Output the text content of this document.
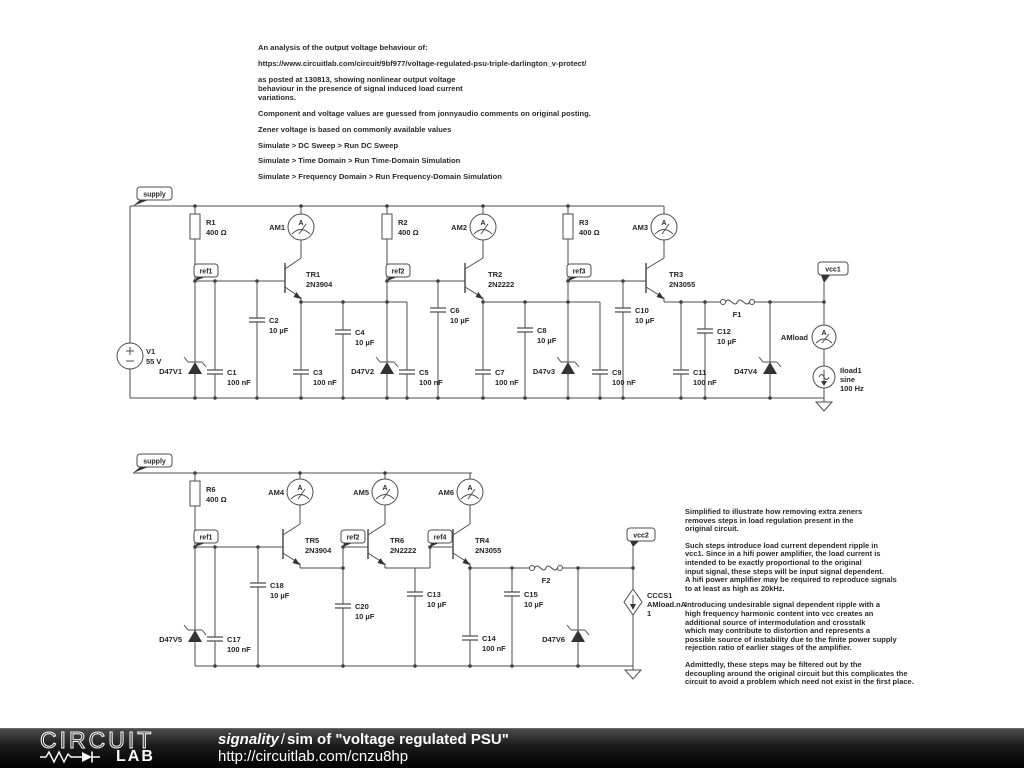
An analysis of the output voltage behaviour of:

https://www.circuitlab.com/circuit/9bf977/voltage-regulated-psu-triple-darlington_v-protect/

as posted at 130813, showing nonlinear output voltage
behaviour in the presence of signal induced load current
variations.

Component and voltage values are guessed from jonnyaudio comments on original posting.

Zener voltage is based on commonly available values

Simulate > DC Sweep > Run DC Sweep

Simulate > Time Domain > Run Time-Domain Simulation

Simulate > Frequency Domain > Run Frequency-Domain Simulation

Simplified to illustrate how removing extra zeners
removes steps in load regulation present in the
original circuit.

Such steps introduce load current dependent ripple in
vcc1. Since in a hifi power amplifier, the load current is
intended to be exactly proportional to the original
input signal, these steps will be input signal dependent.
A hifi power amplifier may be required to reproduce signals
to at least as high as 20kHz.

Introducing undesirable signal dependent ripple with a
high frequency harmonic content into vcc creates an
additional source of intermodulation and crosstalk
which may contribute to distortion and represents a
possible source of instability due to the finite power supply
rejection ratio of earlier stages of the amplifier.

Admittedly, these steps may be filtered out by the
decoupling around the original circuit but this complicates the
circuit to avoid a problem which need not exist in the first place.

supply
ref1	ref2	ref3	vcc1
V1
55 V
R1
400 Ω
R2
400 Ω
R3
400 Ω
A
AM1	A
AM2	A
AM3
TR1
2N3904
TR2
2N2222
TR3
2N3055
D47V1	D47V2	D47v3	D47V4
C1
100 nF
C2
10 µF
C3
100 nF
C4
10 µF
C5
100 nF
C6
10 µF
C7
100 nF
C8
10 µF
C9
100 nF
C10
10 µF
C11
100 nF
C12
10 µF
F1
A
AMload
Iload1
sine
100 Hz
supply
ref1	ref2	ref4	vcc2
R6
400 Ω
A
AM4	A
AM5	A
AM6
TR5
2N3904
TR6
2N2222
TR4
2N3055
D47V5	D47V6
C17
100 nF
C18
10 µF
C20
10 µF
C13
10 µF
C14
100 nF
C15
10 µF
F2
CCCS1
AMload.nA
1
CIRCUIT
LAB
signality / sim of "voltage regulated PSU"
http://circuitlab.com/cnzu8hp
